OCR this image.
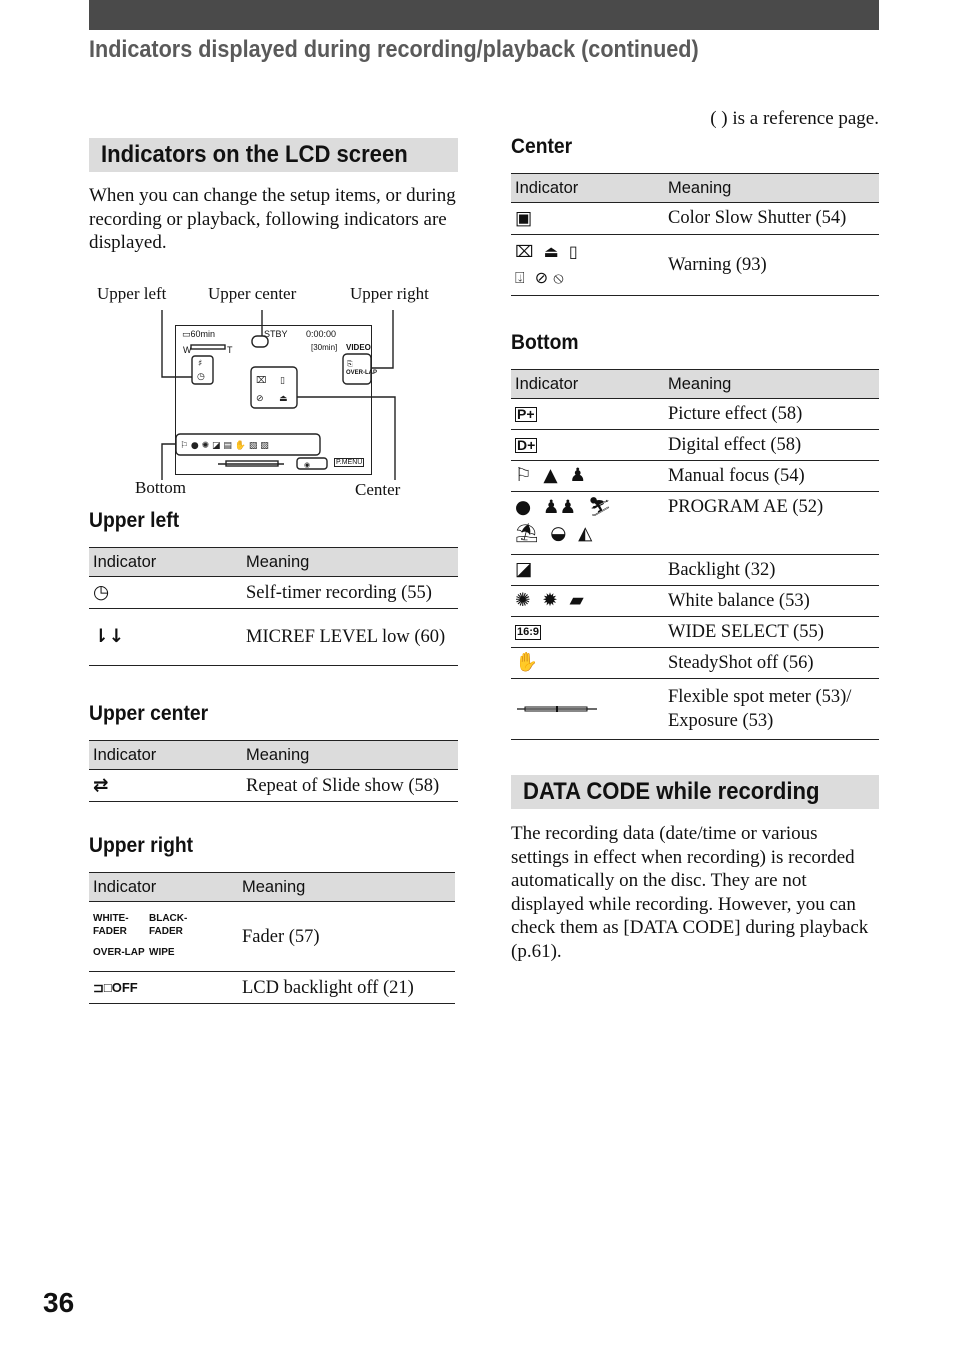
Indicators displayed during recording/playback (continued)
( ) is a reference page.
Indicators on the LCD screen
When you can change the setup items, or during recording or playback, following indicators are displayed.
Upper left Upper center	Upper right
Bottom	Center
▭60min	STBY 0:00:00
[30min] VIDEO
W	T
OVER-LAP
P.MENU
♯
◷	⌧ ▯
⊘ ⏏
⚐ ● ✺ ◪ ▤ ✋ ▧ ▨
⎘
◉
Upper left
Indicator	Meaning
◷	Self-timer recording (55)
⇂↓	MICREF LEVEL low (60)
Upper center
Indicator	Meaning
⇄	Repeat of Slide show (58)
Upper right
Indicator	Meaning
WHITE-FADERBLACK-FADER
OVER-LAP WIPE	Fader (57)
⊐□OFF	LCD backlight off (21)
Center
Indicator	Meaning
▣	Color Slow Shutter (54)
⌧  ⏏  ▯
⍗  ⊘ ⦸	Warning (93)
Bottom
Indicator	Meaning
P+	Picture effect (58)
D+	Digital effect (58)
⚐  ▲  ♟	Manual focus (54)
●  ♟♟  ⛷
⛱  ◒  ◭	PROGRAM AE (52)
◪	Backlight (32)
✺  ✹  ▰	White balance (53)
16:9	WIDE SELECT (55)
✋	SteadyShot off (56)
	Flexible spot meter (53)/ Exposure (53)
DATA CODE while recording
The recording data (date/time or various settings in effect when recording) is recorded automatically on the disc. They are not displayed while recording. However, you can check them as [DATA CODE] during playback (p.61).
36
